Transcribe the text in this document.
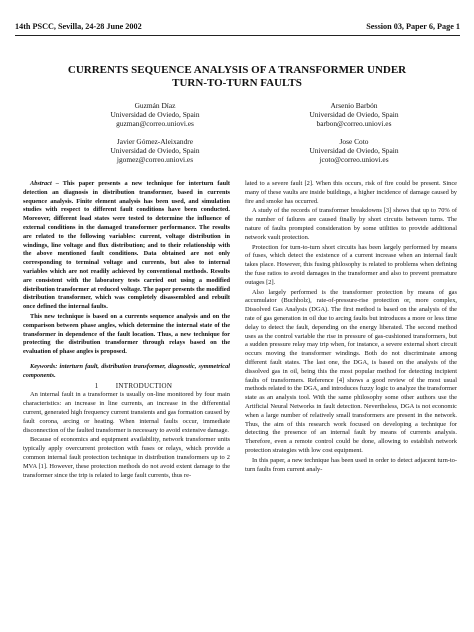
14th PSCC, Sevilla, 24-28 June 2002	Session 03, Paper 6, Page 1
CURRENTS SEQUENCE ANALYSIS OF A TRANSFORMER UNDER
TURN-TO-TURN FAULTS
Guzmán Díaz
Universidad de Oviedo, Spain
guzman@correo.uniovi.es
Arsenio Barbón
Universidad de Oviedo, Spain
barbon@correo.uniovi.es
Javier Gómez-Aleixandre
Universidad de Oviedo, Spain
jgomez@correo.uniovi.es
Jose Coto
Universidad de Oviedo, Spain
jcoto@correo.uniovi.es

Abstract – This paper presents a new technique for interturn fault detection an diagnosis in distribution transformer, based in currents sequence analysis. Finite element analysis has been used, and simulation studies with respect to different fault conditions have been conducted. Moreover, different load states were tested to determine the influence of external conditions in the damaged transformer performance. The results are related to the following variables: current, voltage distribution in windings, line voltage and flux distribution; and to their relationship with the above mentioned fault conditions. Data obtained are not only corresponding to terminal voltage and currents, but also to internal variables which are not readily achieved by conventional methods. Results are consistent with the laboratory tests carried out using a modified distribution transformer at reduced voltage. The paper presents the modified distribution transformer, which was completely disassembled and rebuilt once defined the internal faults.

This new technique is based on a currents sequence analysis and on the comparison between phase angles, which determine the internal state of the transformer in dependence of the fault location. Thus, a new technique for protecting the distribution transformer through relays based on the evaluation of phase angles is proposed.

Keywords: interturn fault, distribution transformer, diagnostic, symmetrical components.

1 INTRODUCTION

An internal fault in a transformer is usually on-line monitored by four main characteristics: an increase in line currents, an increase in the differential current, generated high frequency current transients and gas formation caused by fault corona, arcing or heating. When internal faults occur, immediate disconnection of the faulted transformer is necessary to avoid extensive damage.

Because of economics and equipment availability, network transformer units typically apply overcurrent protection with fuses or relays, which provide a common internal fault protection technique in distribution transformers up to 2 MVA [1]. However, these protection methods do not avoid extent damage to the transformer since the trip is related to large fault currents, thus re-

lated to a severe fault [2]. When this occurs, risk of fire could be present. Since many of these vaults are inside buildings, a higher incidence of damage caused by fire and smoke has occurred.

A study of the records of transformer breakdowns [3] shows that up to 70% of the number of failures are caused finally by short circuits between turns. The nature of faults prompted consideration by some utilities to provide additional network vault protection.

Protection for turn-to-turn short circuits has been largely performed by means of fuses, which detect the existence of a current increase when an internal fault takes place. However, this fusing philosophy is related to problems when defining the fuse ratios to avoid damages in the transformer and also to prevent premature outages [2].

Also largely performed is the transformer protection by means of gas accumulator (Buchholz), rate-of-pressure-rise protection or, more complex, Dissolved Gas Analysis (DGA). The first method is based on the analysis of the rate of gas generation in oil due to arcing faults but introduces a more or less time delay to detect the fault, depending on the energy liberated. The second method uses as the control variable the rise in pressure of gas-cushioned transformers, but a sudden pressure relay may trip when, for instance, a severe external short circuit occurs moving the transformer windings. Both do not discriminate among different fault states. The last one, the DGA, is based on the analysis of the dissolved gas in oil, being this the most popular method for detecting incipient faults of transformers. Reference [4] shows a good review of the most usual methods related to the DGA, and introduces fuzzy logic to analyze the transformer state as an analysis tool. With the same philosophy some other authors use the Artificial Neural Networks in fault detection. Nevertheless, DGA is not economic when a large number of relatively small transformers are present in the network. Thus, the aim of this research work focused on developing a technique for detecting the presence of an internal fault by means of currents analysis. Therefore, even a remote control could be done, allowing to establish network protection strategies with low cost equipment.

In this paper, a new technique has been used in order to detect adjacent turn-to-turn faults from current analy-
